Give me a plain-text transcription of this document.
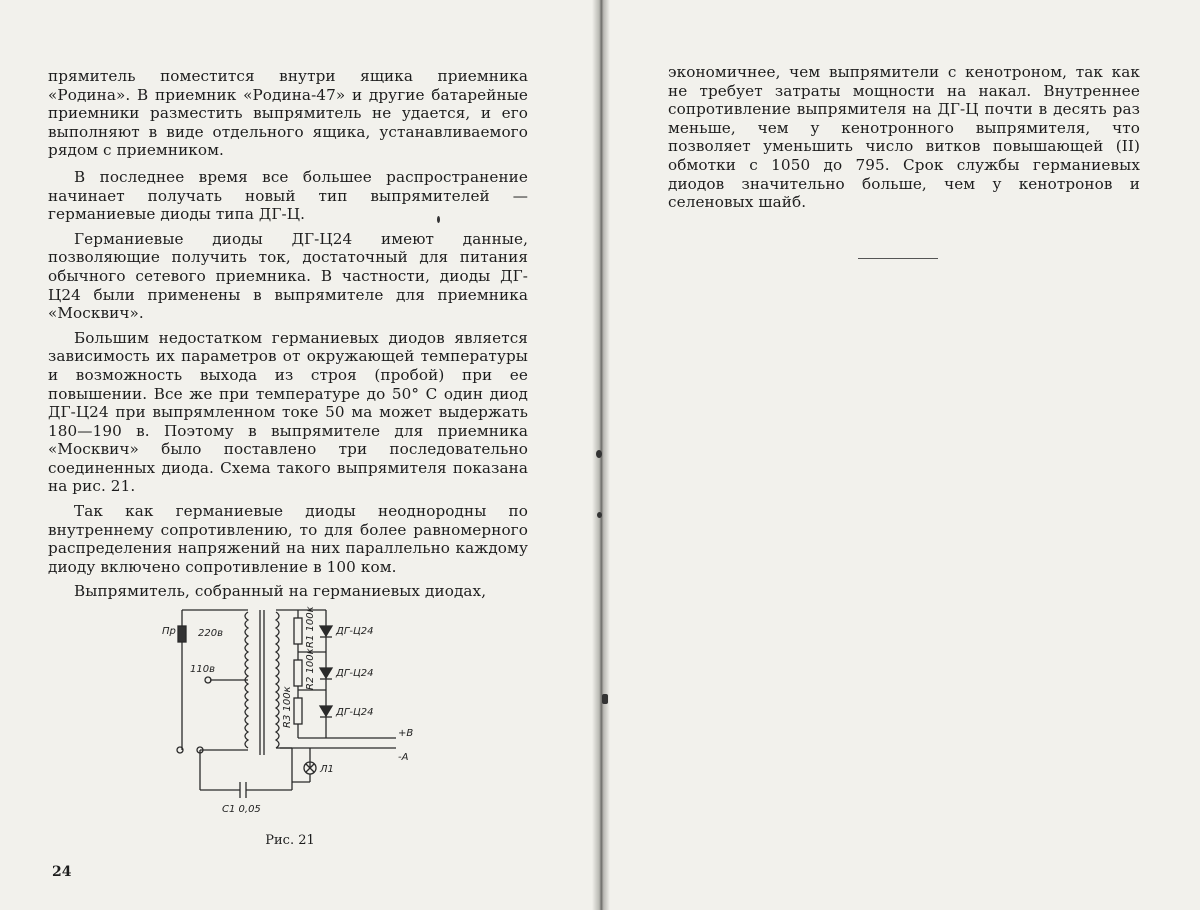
прямитель поместится внутри ящика приемника «Родина». В приемник «Родина-47» и другие батарейные приемники разместить выпрямитель не удается, и его выполняют в виде отдельного ящика, устанавливаемого рядом с приемником.

В последнее время все большее распространение начинает получать новый тип выпрямителей — германиевые диоды типа ДГ-Ц.

Германиевые диоды ДГ-Ц24 имеют данные, позволяющие получить ток, достаточный для питания обычного сетевого приемника. В частности, диоды ДГ-Ц24 были применены в выпрямителе для приемника «Москвич».

Большим недостатком германиевых диодов является зависимость их параметров от окружающей температуры и возможность выхода из строя (пробой) при ее повышении. Все же при температуре до 50° С один диод ДГ-Ц24 при выпрямленном токе 50 ма может выдержать 180—190 в. Поэтому в выпрямителе для приемника «Москвич» было поставлено три последовательно соединенных диода. Схема такого выпрямителя показана на рис. 21.

Так как германиевые диоды неоднородны по внутреннему сопротивлению, то для более равномерного распределения напряжений на них параллельно каждому диоду включено сопротивление в 100 ком.

Выпрямитель, собранный на германиевых диодах,

Пр 220в
110в
ДГ-Ц24
ДГ-Ц24
ДГ-Ц24
R1 100к
R2 100к
R3 100к
+В
-А
Л1
С1 0,05
Рис. 21
24

экономичнее, чем выпрямители с кенотроном, так как не требует затраты мощности на накал. Внутреннее сопротивление выпрямителя на ДГ-Ц почти в десять раз меньше, чем у кенотронного выпрямителя, что позволяет уменьшить число витков повышающей (II) обмотки с 1050 до 795. Срок службы германиевых диодов значительно больше, чем у кенотронов и селеновых шайб.
